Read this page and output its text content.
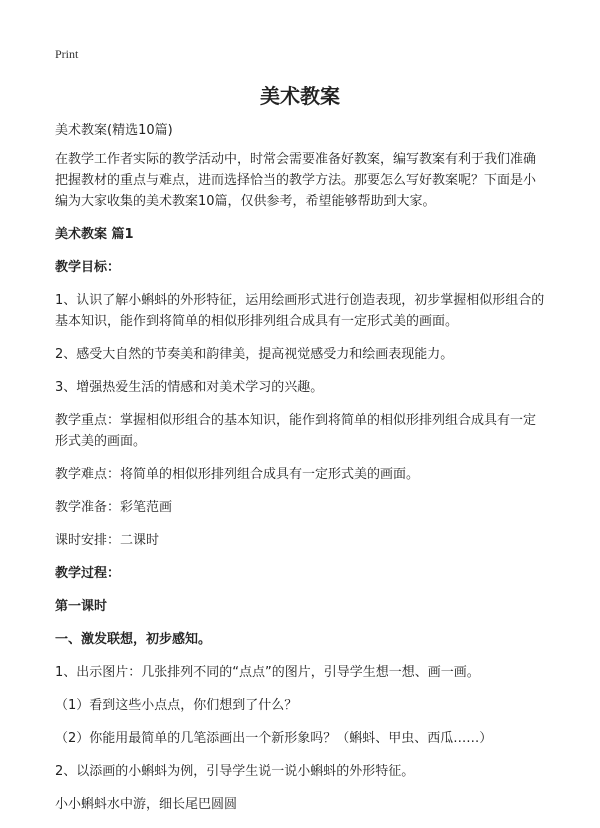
Print
美术教案

美术教案(精选10篇)

在教学工作者实际的教学活动中，时常会需要准备好教案，编写教案有利于我们准确把握教材的重点与难点，进而选择恰当的教学方法。那要怎么写好教案呢？下面是小编为大家收集的美术教案10篇，仅供参考，希望能够帮助到大家。

美术教案 篇1

教学目标：

1、认识了解小蝌蚪的外形特征，运用绘画形式进行创造表现，初步掌握相似形组合的基本知识，能作到将简单的相似形排列组合成具有一定形式美的画面。

2、感受大自然的节奏美和韵律美，提高视觉感受力和绘画表现能力。

3、增强热爱生活的情感和对美术学习的兴趣。

教学重点：掌握相似形组合的基本知识，能作到将简单的相似形排列组合成具有一定形式美的画面。

教学难点：将简单的相似形排列组合成具有一定形式美的画面。

教学准备：彩笔范画

课时安排：二课时

教学过程：

第一课时

一、激发联想，初步感知。

1、出示图片：几张排列不同的“点点”的图片，引导学生想一想、画一画。

（1）看到这些小点点，你们想到了什么？

（2）你能用最简单的几笔添画出一个新形象吗？（蝌蚪、甲虫、西瓜……）

2、以添画的小蝌蚪为例，引导学生说一说小蝌蚪的外形特征。

小小蝌蚪水中游，细长尾巴圆圆
